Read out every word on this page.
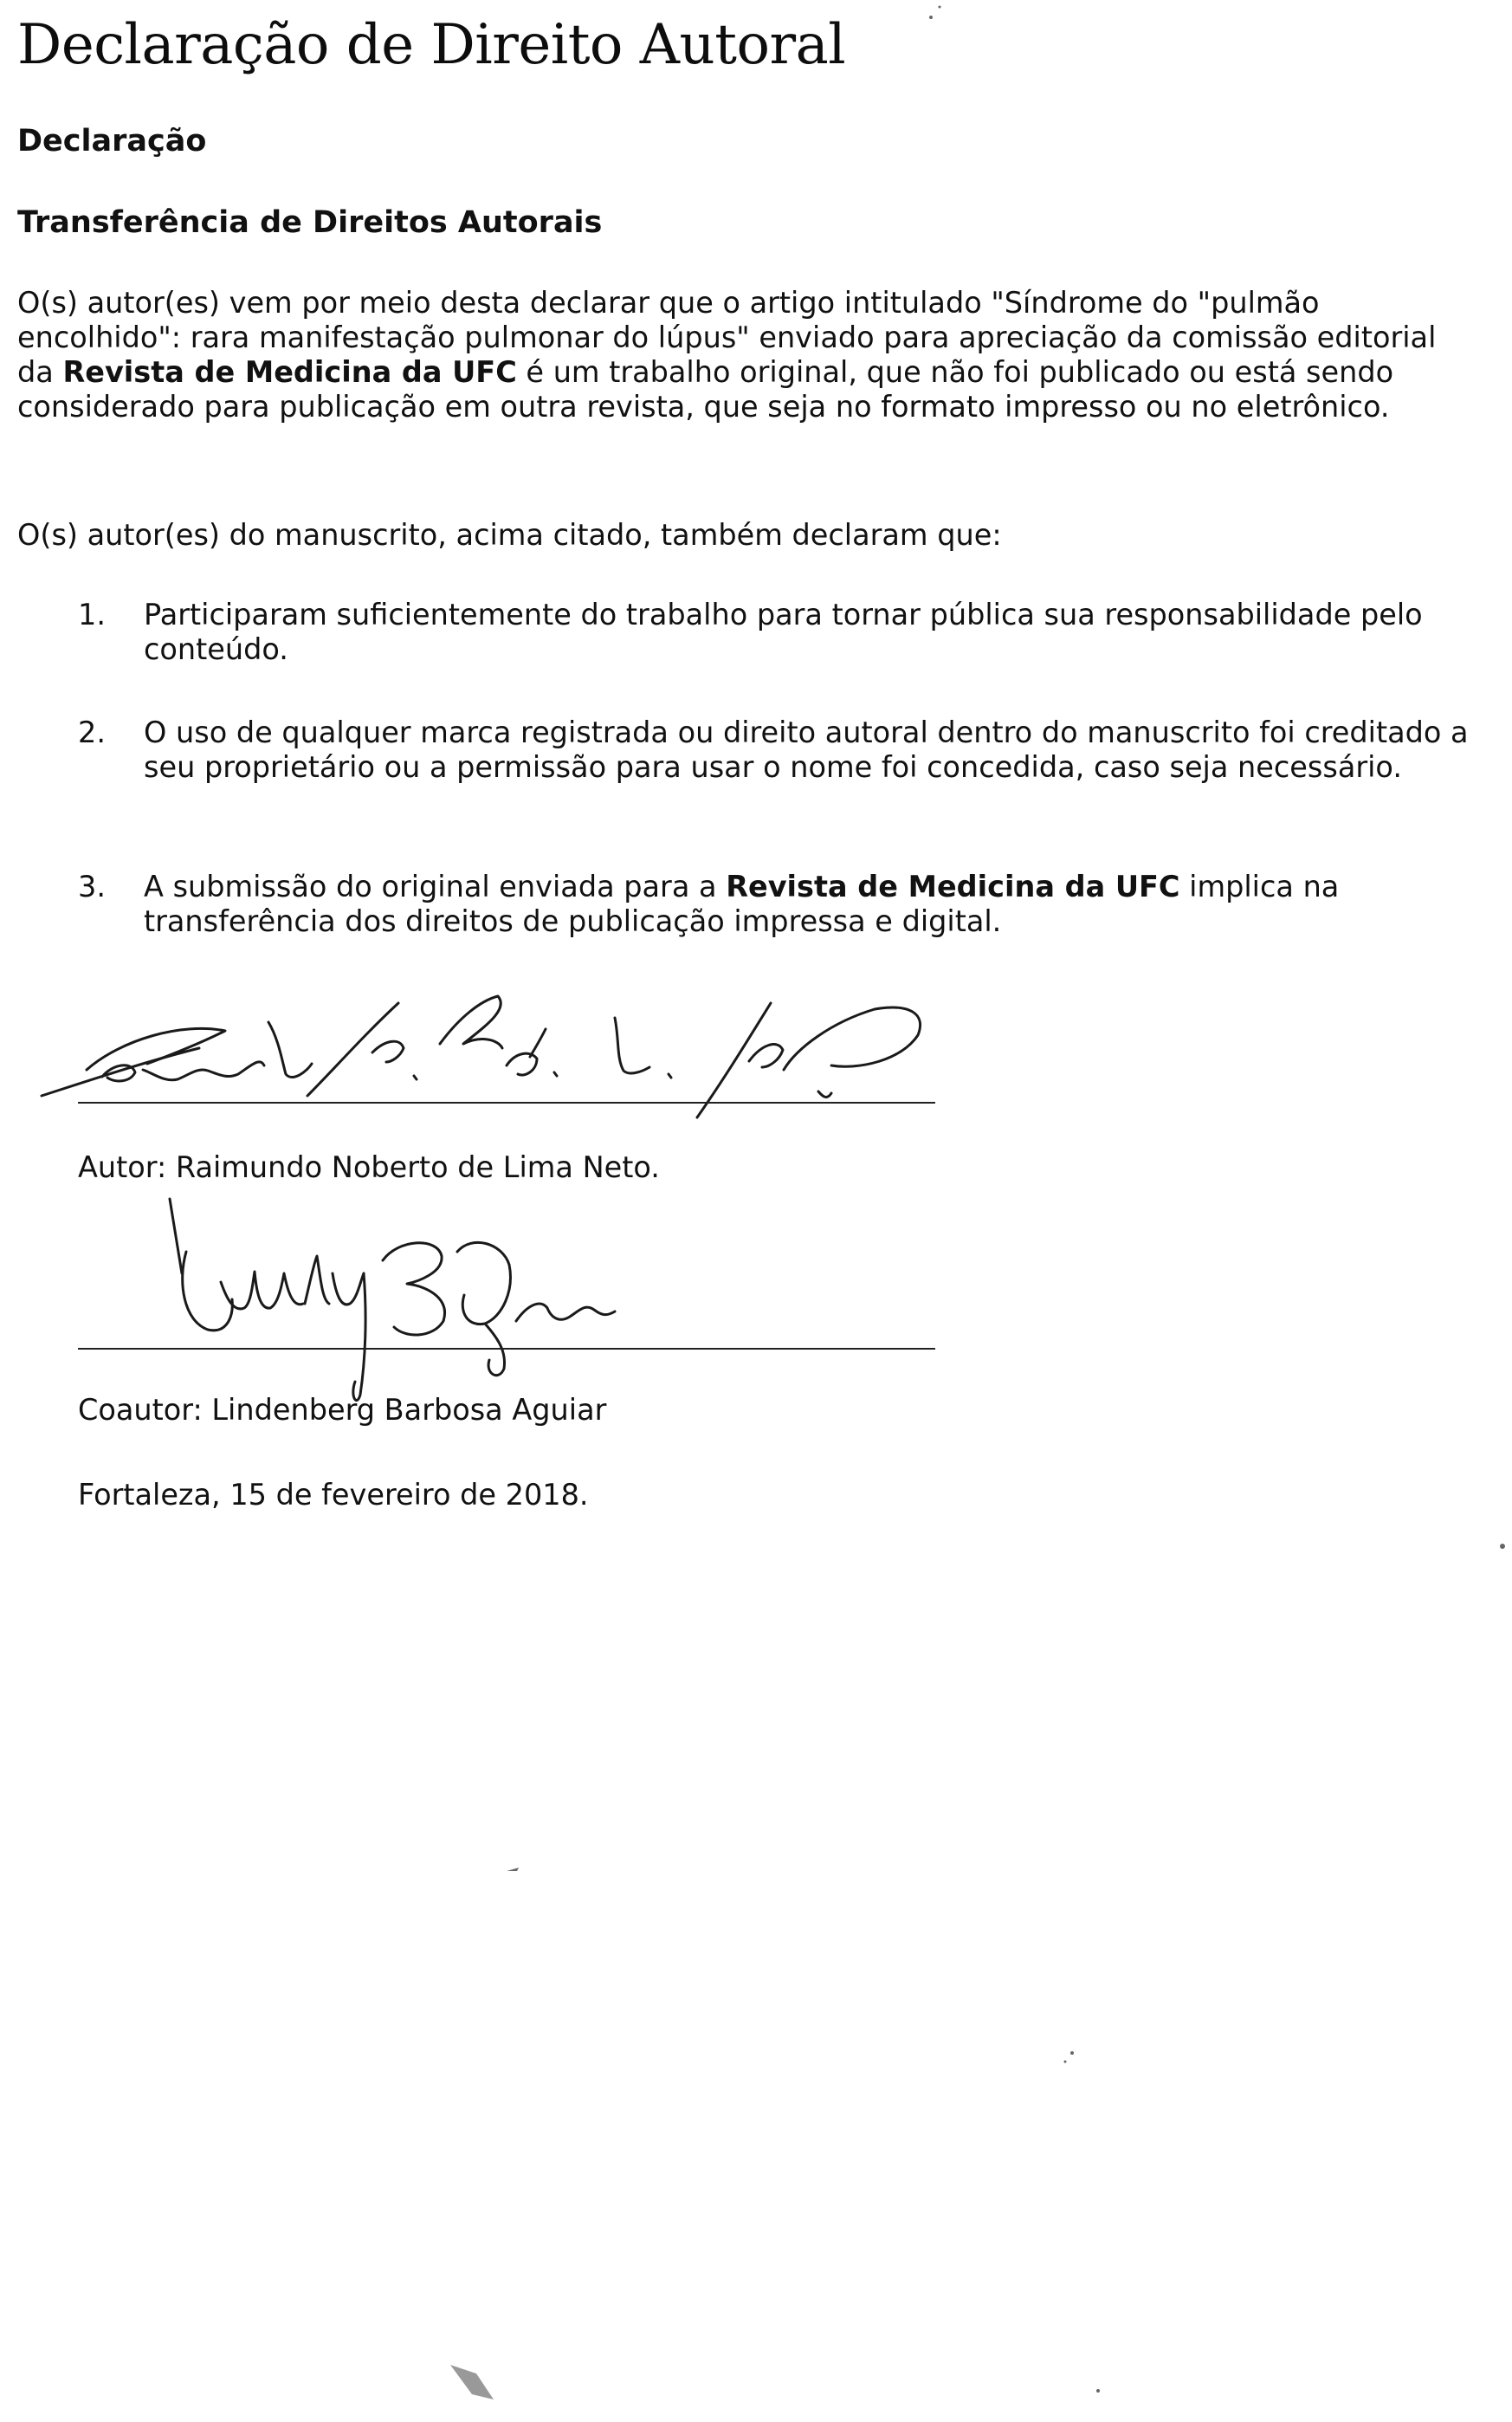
Declaração de Direito Autoral
Declaração
Transferência de Direitos Autorais

O(s) autor(es) vem por meio desta declarar que o artigo intitulado "Síndrome do "pulmão encolhido": rara manifestação pulmonar do lúpus" enviado para apreciação da comissão editorial da Revista de Medicina da UFC é um trabalho original, que não foi publicado ou está sendo considerado para publicação em outra revista, que seja no formato impresso ou no eletrônico.

O(s) autor(es) do manuscrito, acima citado, também declaram que:

1.	Participaram suficientemente do trabalho para tornar pública sua responsabilidade pelo conteúdo.
2.	O uso de qualquer marca registrada ou direito autoral dentro do manuscrito foi creditado a seu proprietário ou a permissão para usar o nome foi concedida, caso seja necessário.
3.	A submissão do original enviada para a Revista de Medicina da UFC implica na transferência dos direitos de publicação impressa e digital.

Autor: Raimundo Noberto de Lima Neto.

Coautor: Lindenberg Barbosa Aguiar

Fortaleza, 15 de fevereiro de 2018.
